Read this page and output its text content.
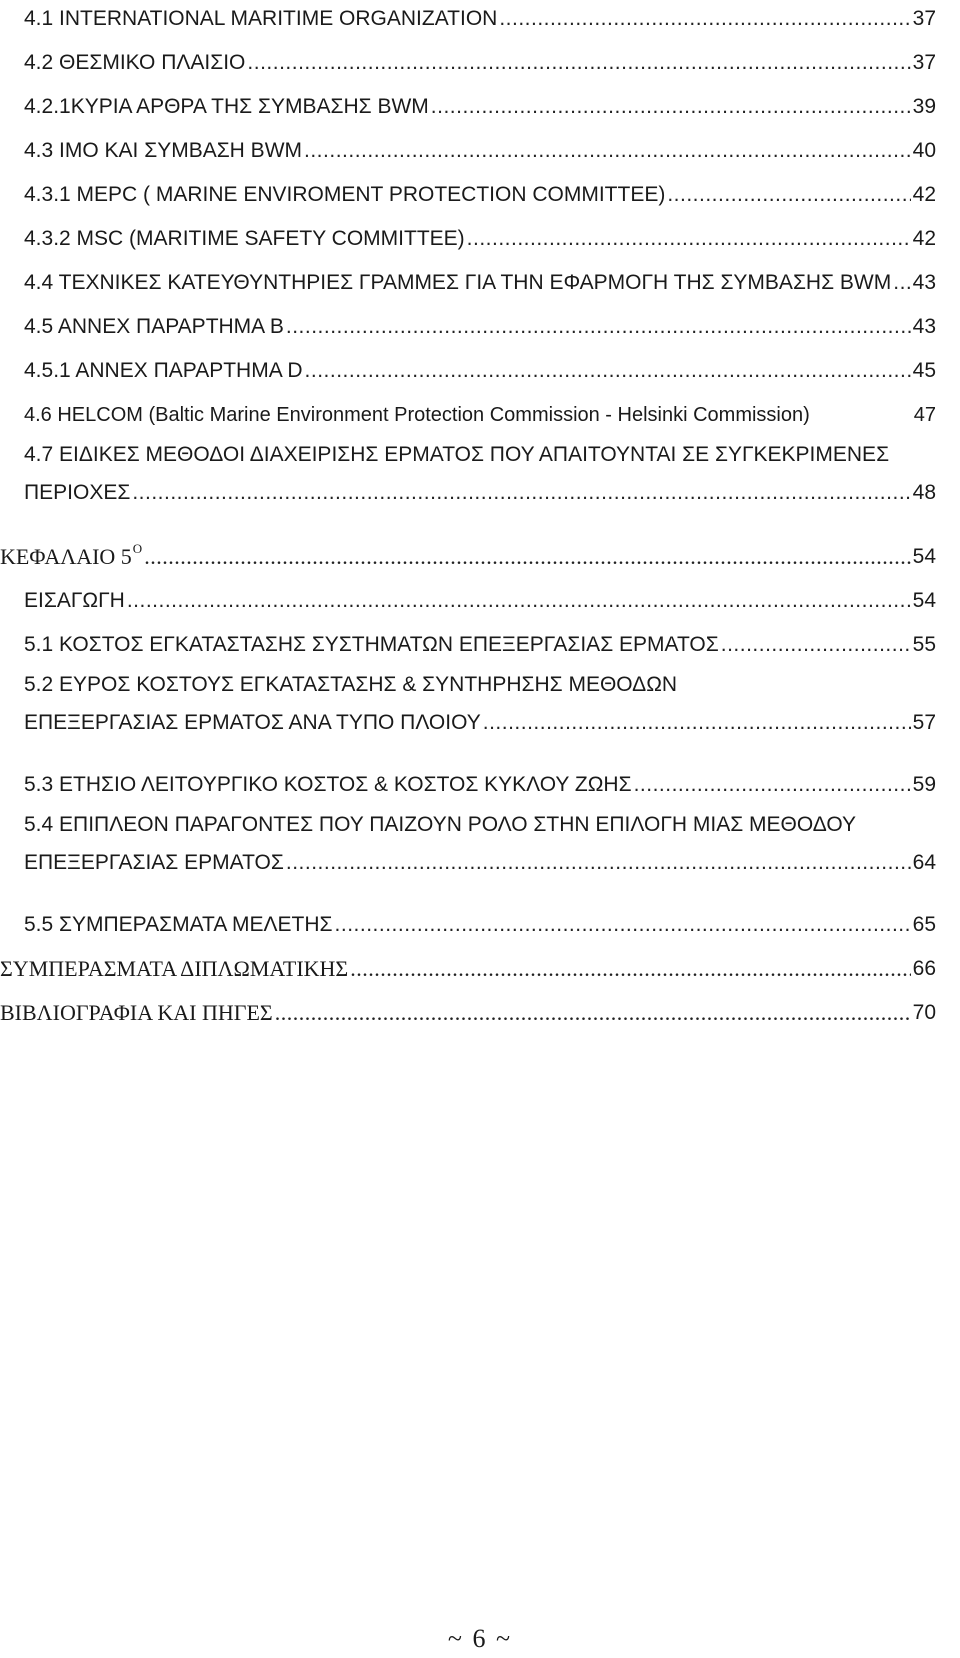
4.1 INTERNATIONAL MARITIME ORGANIZATION .....	37
4.2 ΘΕΣΜΙΚΟ ΠΛΑΙΣΙΟ .....	37
4.2.1ΚΥΡΙΑ ΑΡΘΡΑ ΤΗΣ ΣΥΜΒΑΣΗΣ BWM .....	39
4.3 ΙΜΟ ΚΑΙ ΣΥΜΒΑΣΗ BWM .....	40
4.3.1 MEPC ( MARINE ENVIROMENT PROTECTION COMMITTEE) .....	42
4.3.2 MSC (MARITIME SAFETY COMMITTEE) .....	42
4.4 ΤΕΧΝΙΚΕΣ ΚΑΤΕΥΘΥΝΤΗΡΙΕΣ ΓΡΑΜΜΕΣ ΓΙΑ ΤΗΝ ΕΦΑΡΜΟΓΗ ΤΗΣ ΣΥΜΒΑΣΗΣ BWM ..... 43
4.5 ANNEX ΠΑΡΑΡΤΗΜΑ B .....	43
4.5.1 ANNEX ΠΑΡΑΡΤΗΜΑ D .....	45
4.6 HELCOM (Baltic Marine Environment Protection Commission - Helsinki Commission)	47
4.7 ΕΙΔΙΚΕΣ ΜΕΘΟΔΟΙ ΔΙΑΧΕΙΡΙΣΗΣ ΕΡΜΑΤΟΣ ΠΟΥ ΑΠΑΙΤΟΥΝΤΑΙ ΣΕ ΣΥΓΚΕΚΡΙΜΕΝΕΣ
ΠΕΡΙΟΧΕΣ .....	48
ΚΕΦΑΛΑΙΟ $5^O$ .....	54
ΕΙΣΑΓΩΓΗ .....	54
5.1 ΚΟΣΤΟΣ ΕΓΚΑΤΑΣΤΑΣΗΣ ΣΥΣΤΗΜΑΤΩΝ ΕΠΕΞΕΡΓΑΣΙΑΣ ΕΡΜΑΤΟΣ .....	55
5.2 ΕΥΡΟΣ ΚΟΣΤΟΥΣ ΕΓΚΑΤΑΣΤΑΣΗΣ & ΣΥΝΤΗΡΗΣΗΣ ΜΕΘΟΔΩΝ
ΕΠΕΞΕΡΓΑΣΙΑΣ ΕΡΜΑΤΟΣ ΑΝΑ ΤΥΠΟ ΠΛΟΙΟΥ .....	57
5.3 ΕΤΗΣΙΟ ΛΕΙΤΟΥΡΓΙΚΟ ΚΟΣΤΟΣ & ΚΟΣΤΟΣ ΚΥΚΛΟΥ ΖΩΗΣ .....	59
5.4 ΕΠΙΠΛΕΟΝ ΠΑΡΑΓΟΝΤΕΣ ΠΟΥ ΠΑΙΖΟΥΝ ΡΟΛΟ ΣΤΗΝ ΕΠΙΛΟΓΗ ΜΙΑΣ ΜΕΘΟΔΟΥ
ΕΠΕΞΕΡΓΑΣΙΑΣ ΕΡΜΑΤΟΣ .....	64
5.5 ΣΥΜΠΕΡΑΣΜΑΤΑ ΜΕΛΕΤΗΣ .....	65
ΣΥΜΠΕΡΑΣΜΑΤΑ ΔΙΠΛΩΜΑΤΙΚΗΣ .....	66
ΒΙΒΛΙΟΓΡΑΦΙΑ ΚΑΙ ΠΗΓΕΣ .....	70
~ 6 ~
